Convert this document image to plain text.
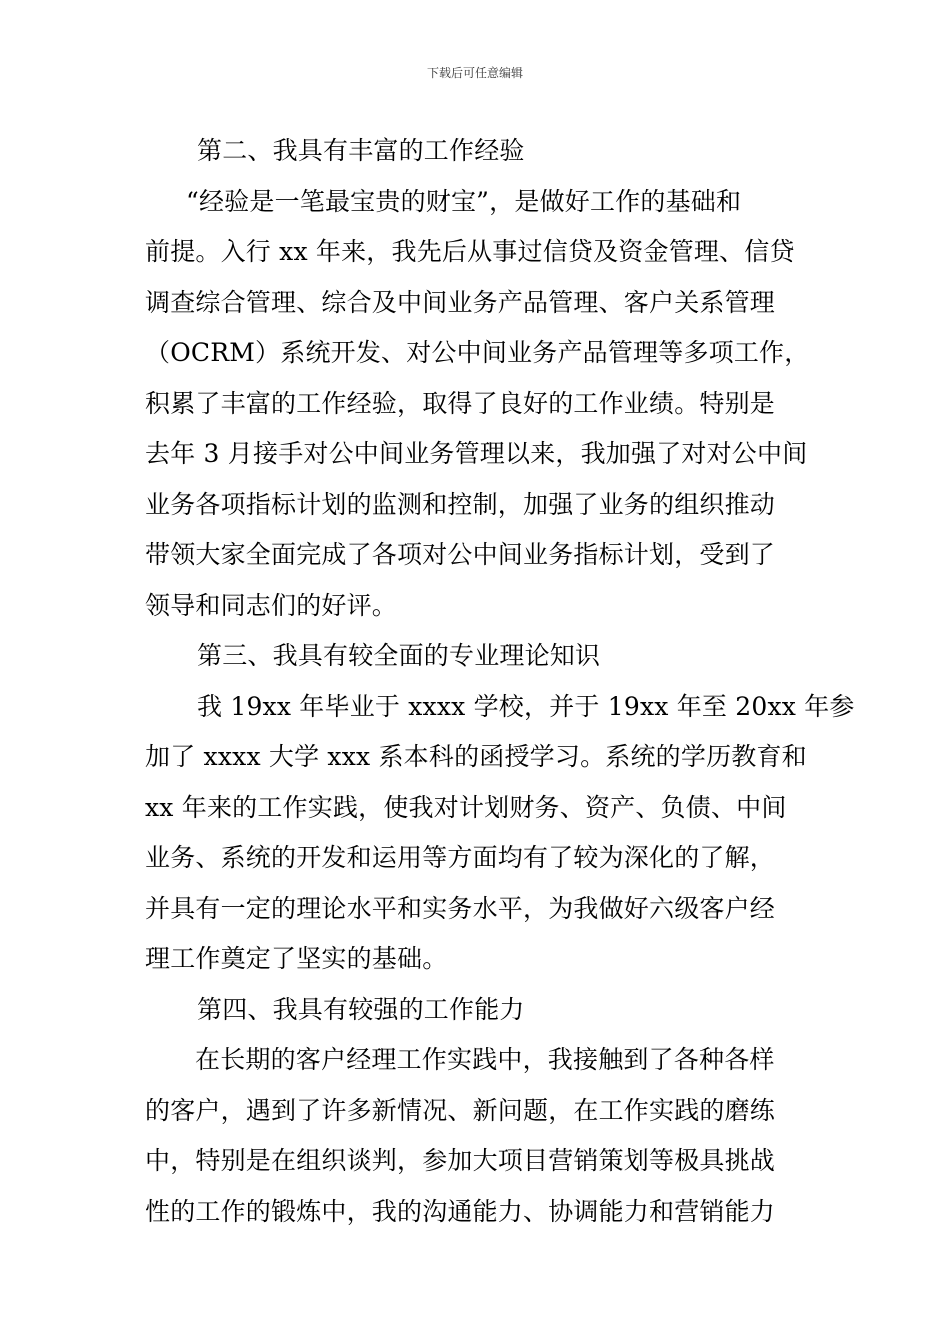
下载后可任意编辑
第二、我具有丰富的工作经验
“经验是一笔最宝贵的财宝”，是做好工作的基础和
前提。入行 xx 年来，我先后从事过信贷及资金管理、信贷
调查综合管理、综合及中间业务产品管理、客户关系管理
（OCRM）系统开发、对公中间业务产品管理等多项工作，
积累了丰富的工作经验，取得了良好的工作业绩。特别是
去年 3 月接手对公中间业务管理以来，我加强了对对公中间
业务各项指标计划的监测和控制，加强了业务的组织推动
带领大家全面完成了各项对公中间业务指标计划，受到了
领导和同志们的好评。
第三、我具有较全面的专业理论知识
我 19xx 年毕业于 xxxx 学校，并于 19xx 年至 20xx 年参
加了 xxxx 大学 xxx 系本科的函授学习。系统的学历教育和
xx 年来的工作实践，使我对计划财务、资产、负债、中间
业务、系统的开发和运用等方面均有了较为深化的了解，
并具有一定的理论水平和实务水平，为我做好六级客户经
理工作奠定了坚实的基础。
第四、我具有较强的工作能力
在长期的客户经理工作实践中，我接触到了各种各样
的客户，遇到了许多新情况、新问题，在工作实践的磨练
中，特别是在组织谈判，参加大项目营销策划等极具挑战
性的工作的锻炼中，我的沟通能力、协调能力和营销能力
